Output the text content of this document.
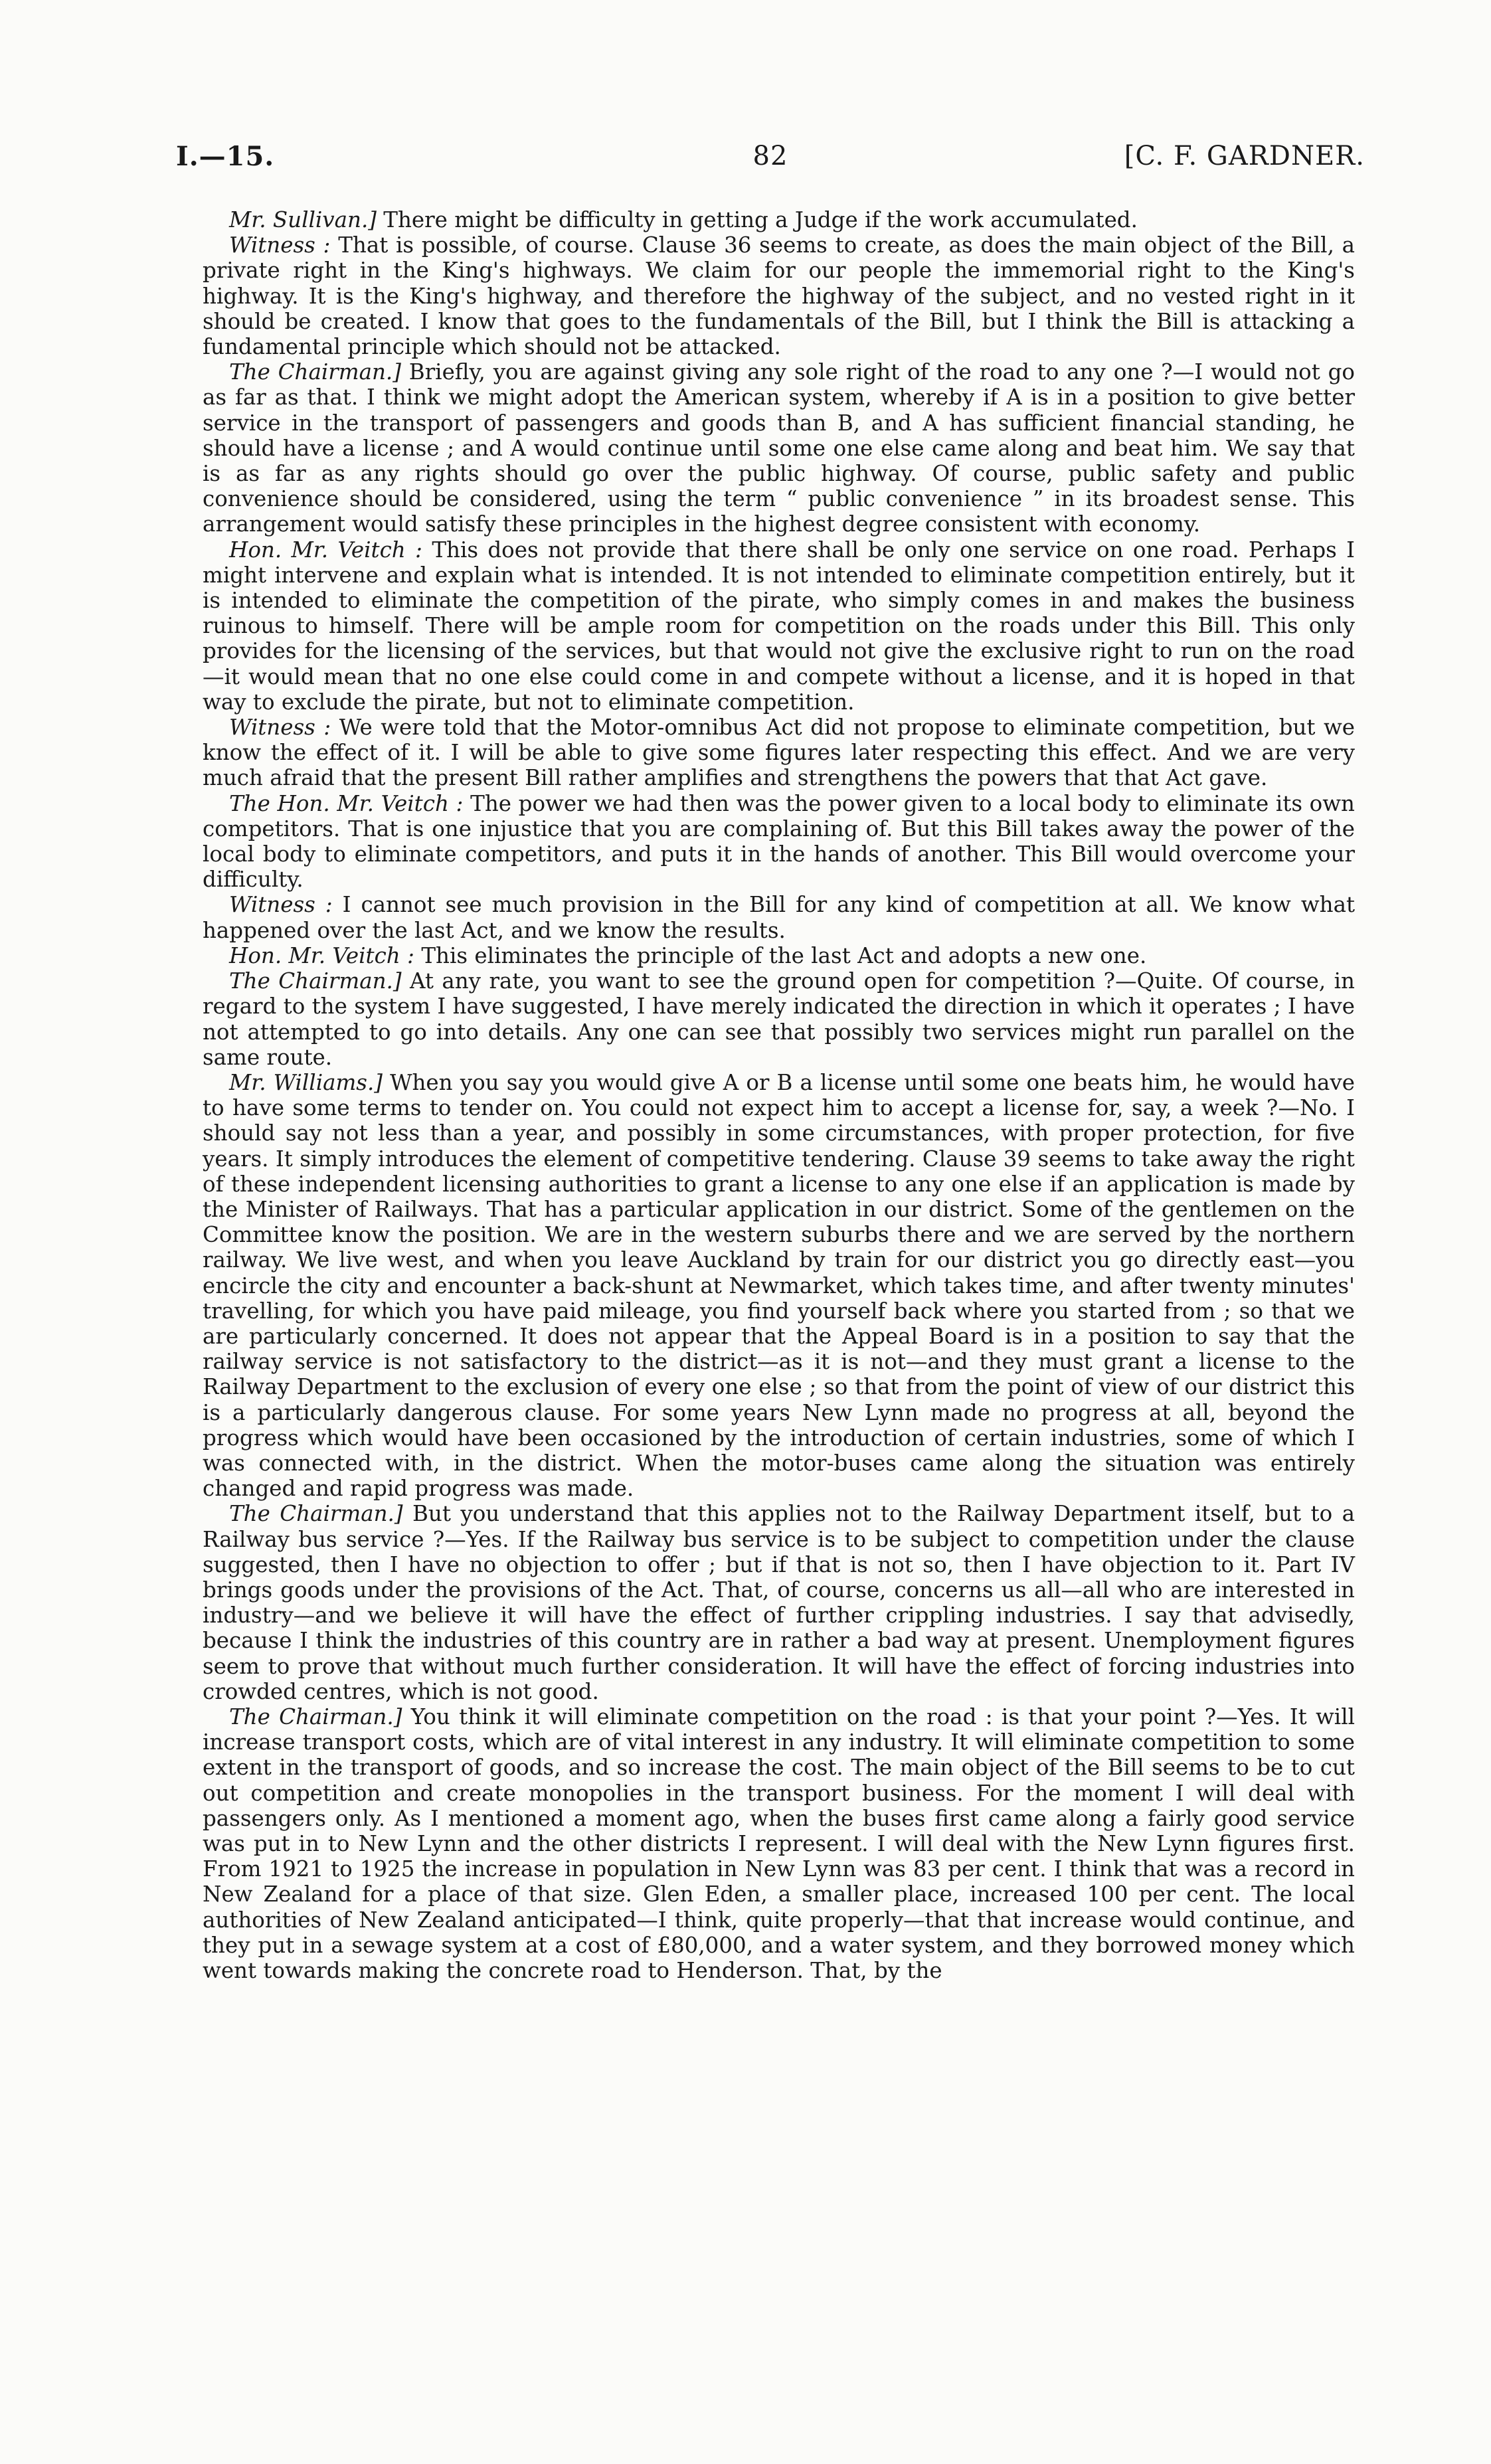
I.—15.	82	[C. F. GARDNER.

Mr. Sullivan.] There might be difficulty in getting a Judge if the work accumulated.

Witness : That is possible, of course. Clause 36 seems to create, as does the main object of the Bill, a private right in the King's highways. We claim for our people the immemorial right to the King's highway. It is the King's highway, and therefore the highway of the subject, and no vested right in it should be created. I know that goes to the fundamentals of the Bill, but I think the Bill is attacking a fundamental principle which should not be attacked.

The Chairman.] Briefly, you are against giving any sole right of the road to any one ?—I would not go as far as that. I think we might adopt the American system, whereby if A is in a position to give better service in the transport of passengers and goods than B, and A has sufficient financial standing, he should have a license ; and A would continue until some one else came along and beat him. We say that is as far as any rights should go over the public highway. Of course, public safety and public convenience should be considered, using the term “ public convenience ” in its broadest sense. This arrangement would satisfy these principles in the highest degree consistent with economy.

Hon. Mr. Veitch : This does not provide that there shall be only one service on one road. Perhaps I might intervene and explain what is intended. It is not intended to eliminate competition entirely, but it is intended to eliminate the competition of the pirate, who simply comes in and makes the business ruinous to himself. There will be ample room for competition on the roads under this Bill. This only provides for the licensing of the services, but that would not give the exclusive right to run on the road—it would mean that no one else could come in and compete without a license, and it is hoped in that way to exclude the pirate, but not to eliminate competition.

Witness : We were told that the Motor-omnibus Act did not propose to eliminate competition, but we know the effect of it. I will be able to give some figures later respecting this effect. And we are very much afraid that the present Bill rather amplifies and strengthens the powers that that Act gave.

The Hon. Mr. Veitch : The power we had then was the power given to a local body to eliminate its own competitors. That is one injustice that you are complaining of. But this Bill takes away the power of the local body to eliminate competitors, and puts it in the hands of another. This Bill would overcome your difficulty.

Witness : I cannot see much provision in the Bill for any kind of competition at all. We know what happened over the last Act, and we know the results.

Hon. Mr. Veitch : This eliminates the principle of the last Act and adopts a new one.

The Chairman.] At any rate, you want to see the ground open for competition ?—Quite. Of course, in regard to the system I have suggested, I have merely indicated the direction in which it operates ; I have not attempted to go into details. Any one can see that possibly two services might run parallel on the same route.

Mr. Williams.] When you say you would give A or B a license until some one beats him, he would have to have some terms to tender on. You could not expect him to accept a license for, say, a week ?—No. I should say not less than a year, and possibly in some circumstances, with proper protection, for five years. It simply introduces the element of competitive tendering. Clause 39 seems to take away the right of these independent licensing authorities to grant a license to any one else if an application is made by the Minister of Railways. That has a particular application in our district. Some of the gentlemen on the Committee know the position. We are in the western suburbs there and we are served by the northern railway. We live west, and when you leave Auckland by train for our district you go directly east—you encircle the city and encounter a back-shunt at Newmarket, which takes time, and after twenty minutes' travelling, for which you have paid mileage, you find yourself back where you started from ; so that we are particularly concerned. It does not appear that the Appeal Board is in a position to say that the railway service is not satisfactory to the district—as it is not—and they must grant a license to the Railway Department to the exclusion of every one else ; so that from the point of view of our district this is a particularly dangerous clause. For some years New Lynn made no progress at all, beyond the progress which would have been occasioned by the introduction of certain industries, some of which I was connected with, in the district. When the motor-buses came along the situation was entirely changed and rapid progress was made.

The Chairman.] But you understand that this applies not to the Railway Department itself, but to a Railway bus service ?—Yes. If the Railway bus service is to be subject to competition under the clause suggested, then I have no objection to offer ; but if that is not so, then I have objection to it. Part IV brings goods under the provisions of the Act. That, of course, concerns us all—all who are interested in industry—and we believe it will have the effect of further crippling industries. I say that advisedly, because I think the industries of this country are in rather a bad way at present. Unemployment figures seem to prove that without much further consideration. It will have the effect of forcing industries into crowded centres, which is not good.

The Chairman.] You think it will eliminate competition on the road : is that your point ?—Yes. It will increase transport costs, which are of vital interest in any industry. It will eliminate competition to some extent in the transport of goods, and so increase the cost. The main object of the Bill seems to be to cut out competition and create monopolies in the transport business. For the moment I will deal with passengers only. As I mentioned a moment ago, when the buses first came along a fairly good service was put in to New Lynn and the other districts I represent. I will deal with the New Lynn figures first. From 1921 to 1925 the increase in population in New Lynn was 83 per cent. I think that was a record in New Zealand for a place of that size. Glen Eden, a smaller place, increased 100 per cent. The local authorities of New Zealand anticipated—I think, quite properly—that that increase would continue, and they put in a sewage system at a cost of £80,000, and a water system, and they borrowed money which went towards making the concrete road to Henderson. That, by the
